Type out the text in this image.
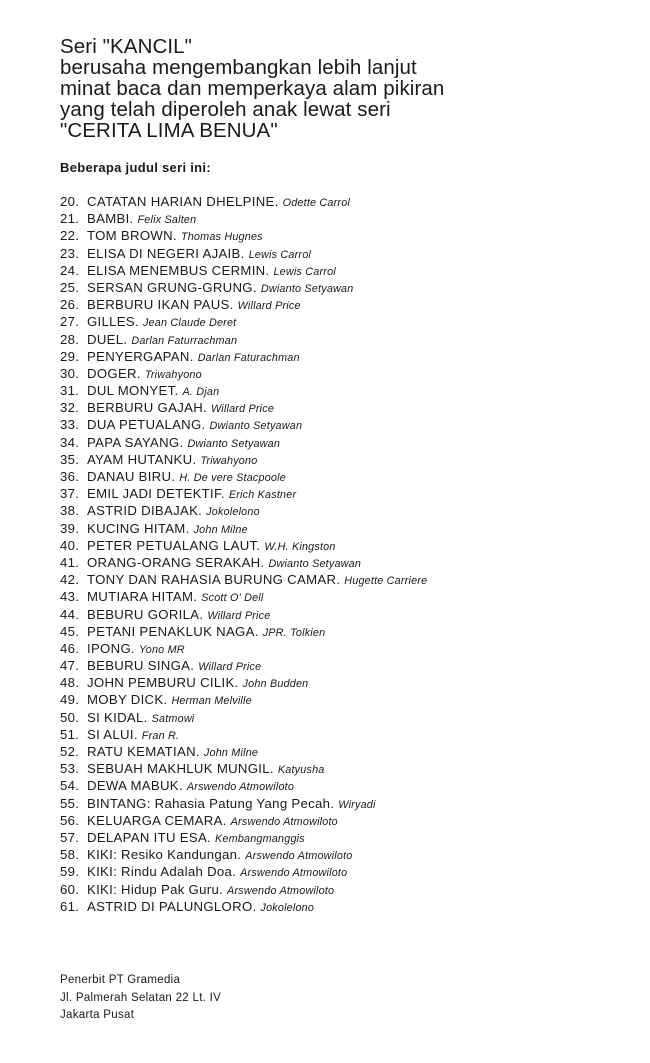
Seri "KANCIL"
berusaha mengembangkan lebih lanjut
minat baca dan memperkaya alam pikiran
yang telah diperoleh anak lewat seri
"CERITA LIMA BENUA"
Beberapa judul seri ini:
20. CATATAN HARIAN DHELPINE. Odette Carrol
21. BAMBI. Felix Salten
22. TOM BROWN. Thomas Hugnes
23. ELISA DI NEGERI AJAIB. Lewis Carrol
24. ELISA MENEMBUS CERMIN. Lewis Carrol
25. SERSAN GRUNG-GRUNG. Dwianto Setyawan
26. BERBURU IKAN PAUS. Willard Price
27. GILLES. Jean Claude Deret
28. DUEL. Darlan Faturrachman
29. PENYERGAPAN. Darlan Faturachman
30. DOGER. Triwahyono
31. DUL MONYET. A. Djan
32. BERBURU GAJAH. Willard Price
33. DUA PETUALANG. Dwianto Setyawan
34. PAPA SAYANG. Dwianto Setyawan
35. AYAM HUTANKU. Triwahyono
36. DANAU BIRU. H. De vere Stacpoole
37. EMIL JADI DETEKTIF. Erich Kastner
38. ASTRID DIBAJAK. Jokolelono
39. KUCING HITAM. John Milne
40. PETER PETUALANG LAUT. W.H. Kingston
41. ORANG-ORANG SERAKAH. Dwianto Setyawan
42. TONY DAN RAHASIA BURUNG CAMAR. Hugette Carriere
43. MUTIARA HITAM. Scott O' Dell
44. BEBURU GORILA. Willard Price
45. PETANI PENAKLUK NAGA. JPR. Tolkien
46. IPONG. Yono MR
47. BEBURU SINGA. Willard Price
48. JOHN PEMBURU CILIK. John Budden
49. MOBY DICK. Herman Melville
50. SI KIDAL. Satmowi
51. SI ALUI. Fran R.
52. RATU KEMATIAN. John Milne
53. SEBUAH MAKHLUK MUNGIL. Katyusha
54. DEWA MABUK. Arswendo Atmowiloto
55. BINTANG: Rahasia Patung Yang Pecah. Wiryadi
56. KELUARGA CEMARA. Arswendo Atmowiloto
57. DELAPAN ITU ESA. Kembangmanggis
58. KIKI: Resiko Kandungan. Arswendo Atmowiloto
59. KIKI: Rindu Adalah Doa. Arswendo Atmowiloto
60. KIKI: Hidup Pak Guru. Arswendo Atmowiloto
61. ASTRID DI PALUNGLORO. Jokolelono
Penerbit PT Gramedia
Jl. Palmerah Selatan 22 Lt. IV
Jakarta Pusat
